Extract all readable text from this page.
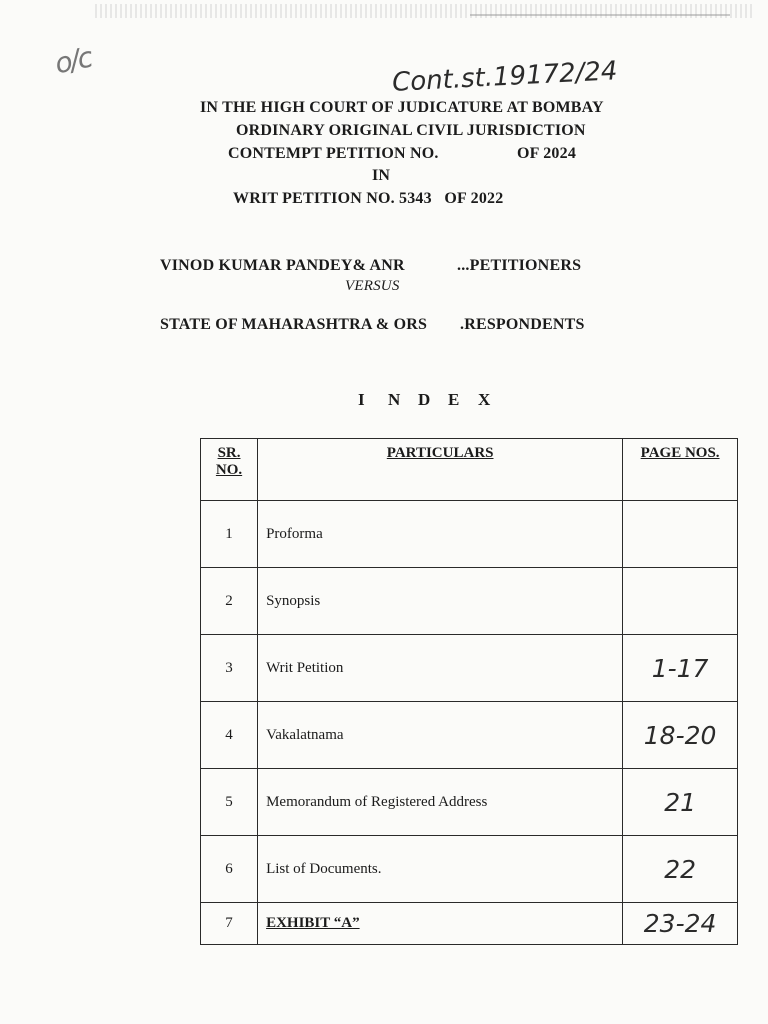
o/c	Cont.st.19172/24
IN THE HIGH COURT OF JUDICATURE AT BOMBAY
ORDINARY ORIGINAL CIVIL JURISDICTION
CONTEMPT PETITION NO.	OF 2024
IN
WRIT PETITION NO. 5343   OF 2022
VINOD KUMAR PANDEY& ANR	...PETITIONERS
VERSUS
STATE OF MAHARASHTRA & ORS .RESPONDENTS
I N D E X
SR.
NO.	PARTICULARS	PAGE NOS.
1	Proforma	

2	Synopsis	

3	Writ Petition	1-17

4	Vakalatnama	18-20

5	Memorandum of Registered Address	21

6	List of Documents.	22

7	EXHIBIT “A”	23-24
